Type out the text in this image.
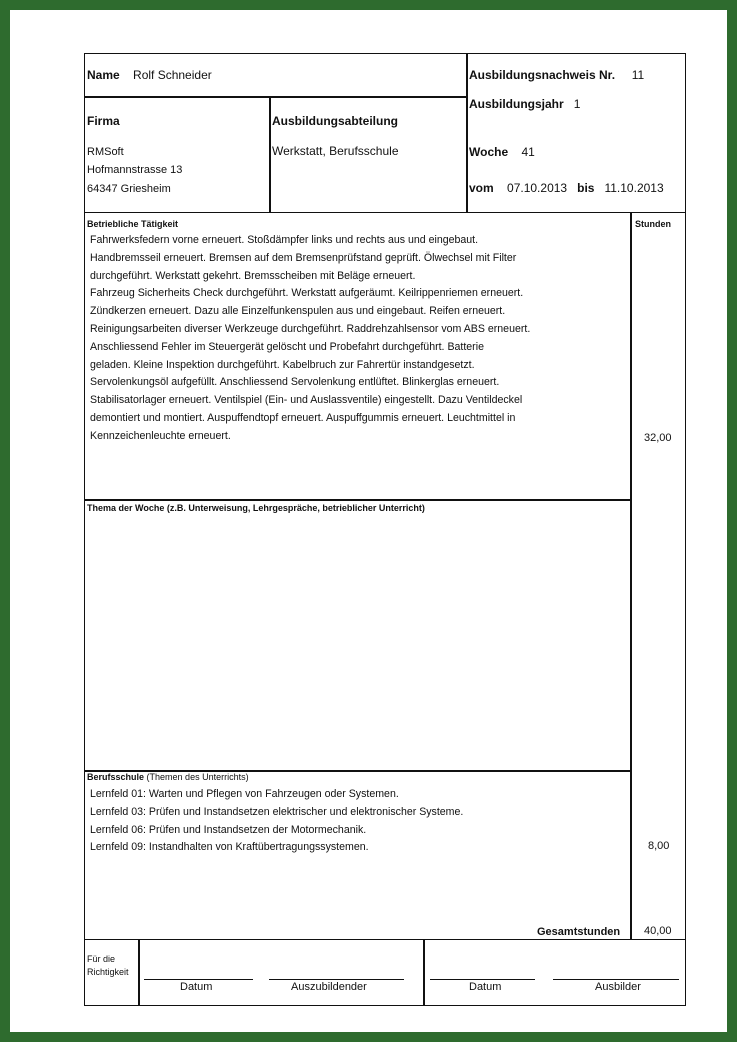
Name Rolf Schneider
Firma
RMSoft
Hofmannstrasse 13
64347 Griesheim
Ausbildungsabteilung
Werkstatt, Berufsschule
Ausbildungsnachweis Nr. 11
Ausbildungsjahr 1
Woche 41
vom 07.10.2013 bis 11.10.2013
Betriebliche Tätigkeit	Stunden
Fahrwerksfedern vorne erneuert. Stoßdämpfer links und rechts aus und eingebaut.
Handbremsseil erneuert. Bremsen auf dem Bremsenprüfstand geprüft. Ölwechsel mit Filter
durchgeführt. Werkstatt gekehrt. Bremsscheiben mit Beläge erneuert.
Fahrzeug Sicherheits Check durchgeführt. Werkstatt aufgeräumt. Keilrippenriemen erneuert.
Zündkerzen erneuert. Dazu alle Einzelfunkenspulen aus und eingebaut. Reifen erneuert.
Reinigungsarbeiten diverser Werkzeuge durchgeführt. Raddrehzahlsensor vom ABS erneuert.
Anschliessend Fehler im Steuergerät gelöscht und Probefahrt durchgeführt. Batterie
geladen. Kleine Inspektion durchgeführt. Kabelbruch zur Fahrertür instandgesetzt.
Servolenkungsöl aufgefüllt. Anschliessend Servolenkung entlüftet. Blinkerglas erneuert.
Stabilisatorlager erneuert. Ventilspiel (Ein- und Auslassventile) eingestellt. Dazu Ventildeckel
demontiert und montiert. Auspuffendtopf erneuert. Auspuffgummis erneuert. Leuchtmittel in
Kennzeichenleuchte erneuert.	32,00
Thema der Woche (z.B. Unterweisung, Lehrgespräche, betrieblicher Unterricht)
Berufsschule (Themen des Unterrichts)
Lernfeld 01: Warten und Pflegen von Fahrzeugen oder Systemen.
Lernfeld 03: Prüfen und Instandsetzen elektrischer und elektronischer Systeme.
Lernfeld 06: Prüfen und Instandsetzen der Motormechanik.
Lernfeld 09: Instandhalten von Kraftübertragungssystemen.	8,00
Gesamtstunden 40,00
Für die
Richtigkeit
Datum	Auszubildender	Datum	Ausbilder
